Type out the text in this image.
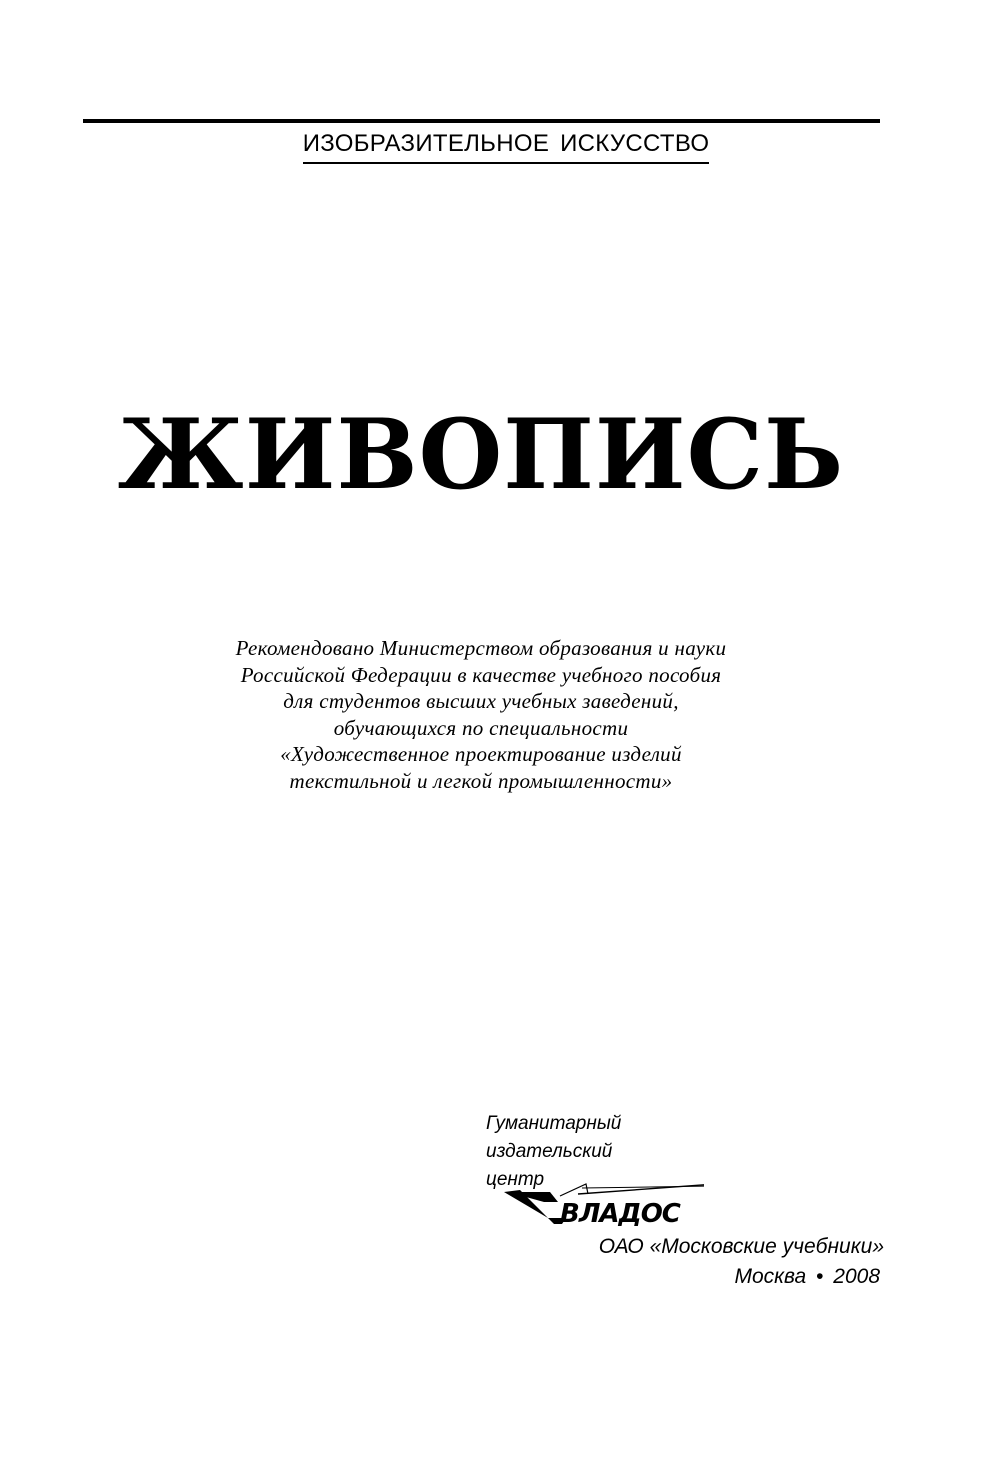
ИЗОБРАЗИТЕЛЬНОЕ ИСКУССТВО
ЖИВОПИСЬ
Рекомендовано Министерством образования и науки
Российской Федерации в качестве учебного пособия
для студентов высших учебных заведений,
обучающихся по специальности
«Художественное проектирование изделий
текстильной и легкой промышленности»
Гуманитарный
издательский
центр
ВЛАДОС
ОАО «Московские учебники»
Москва • 2008
